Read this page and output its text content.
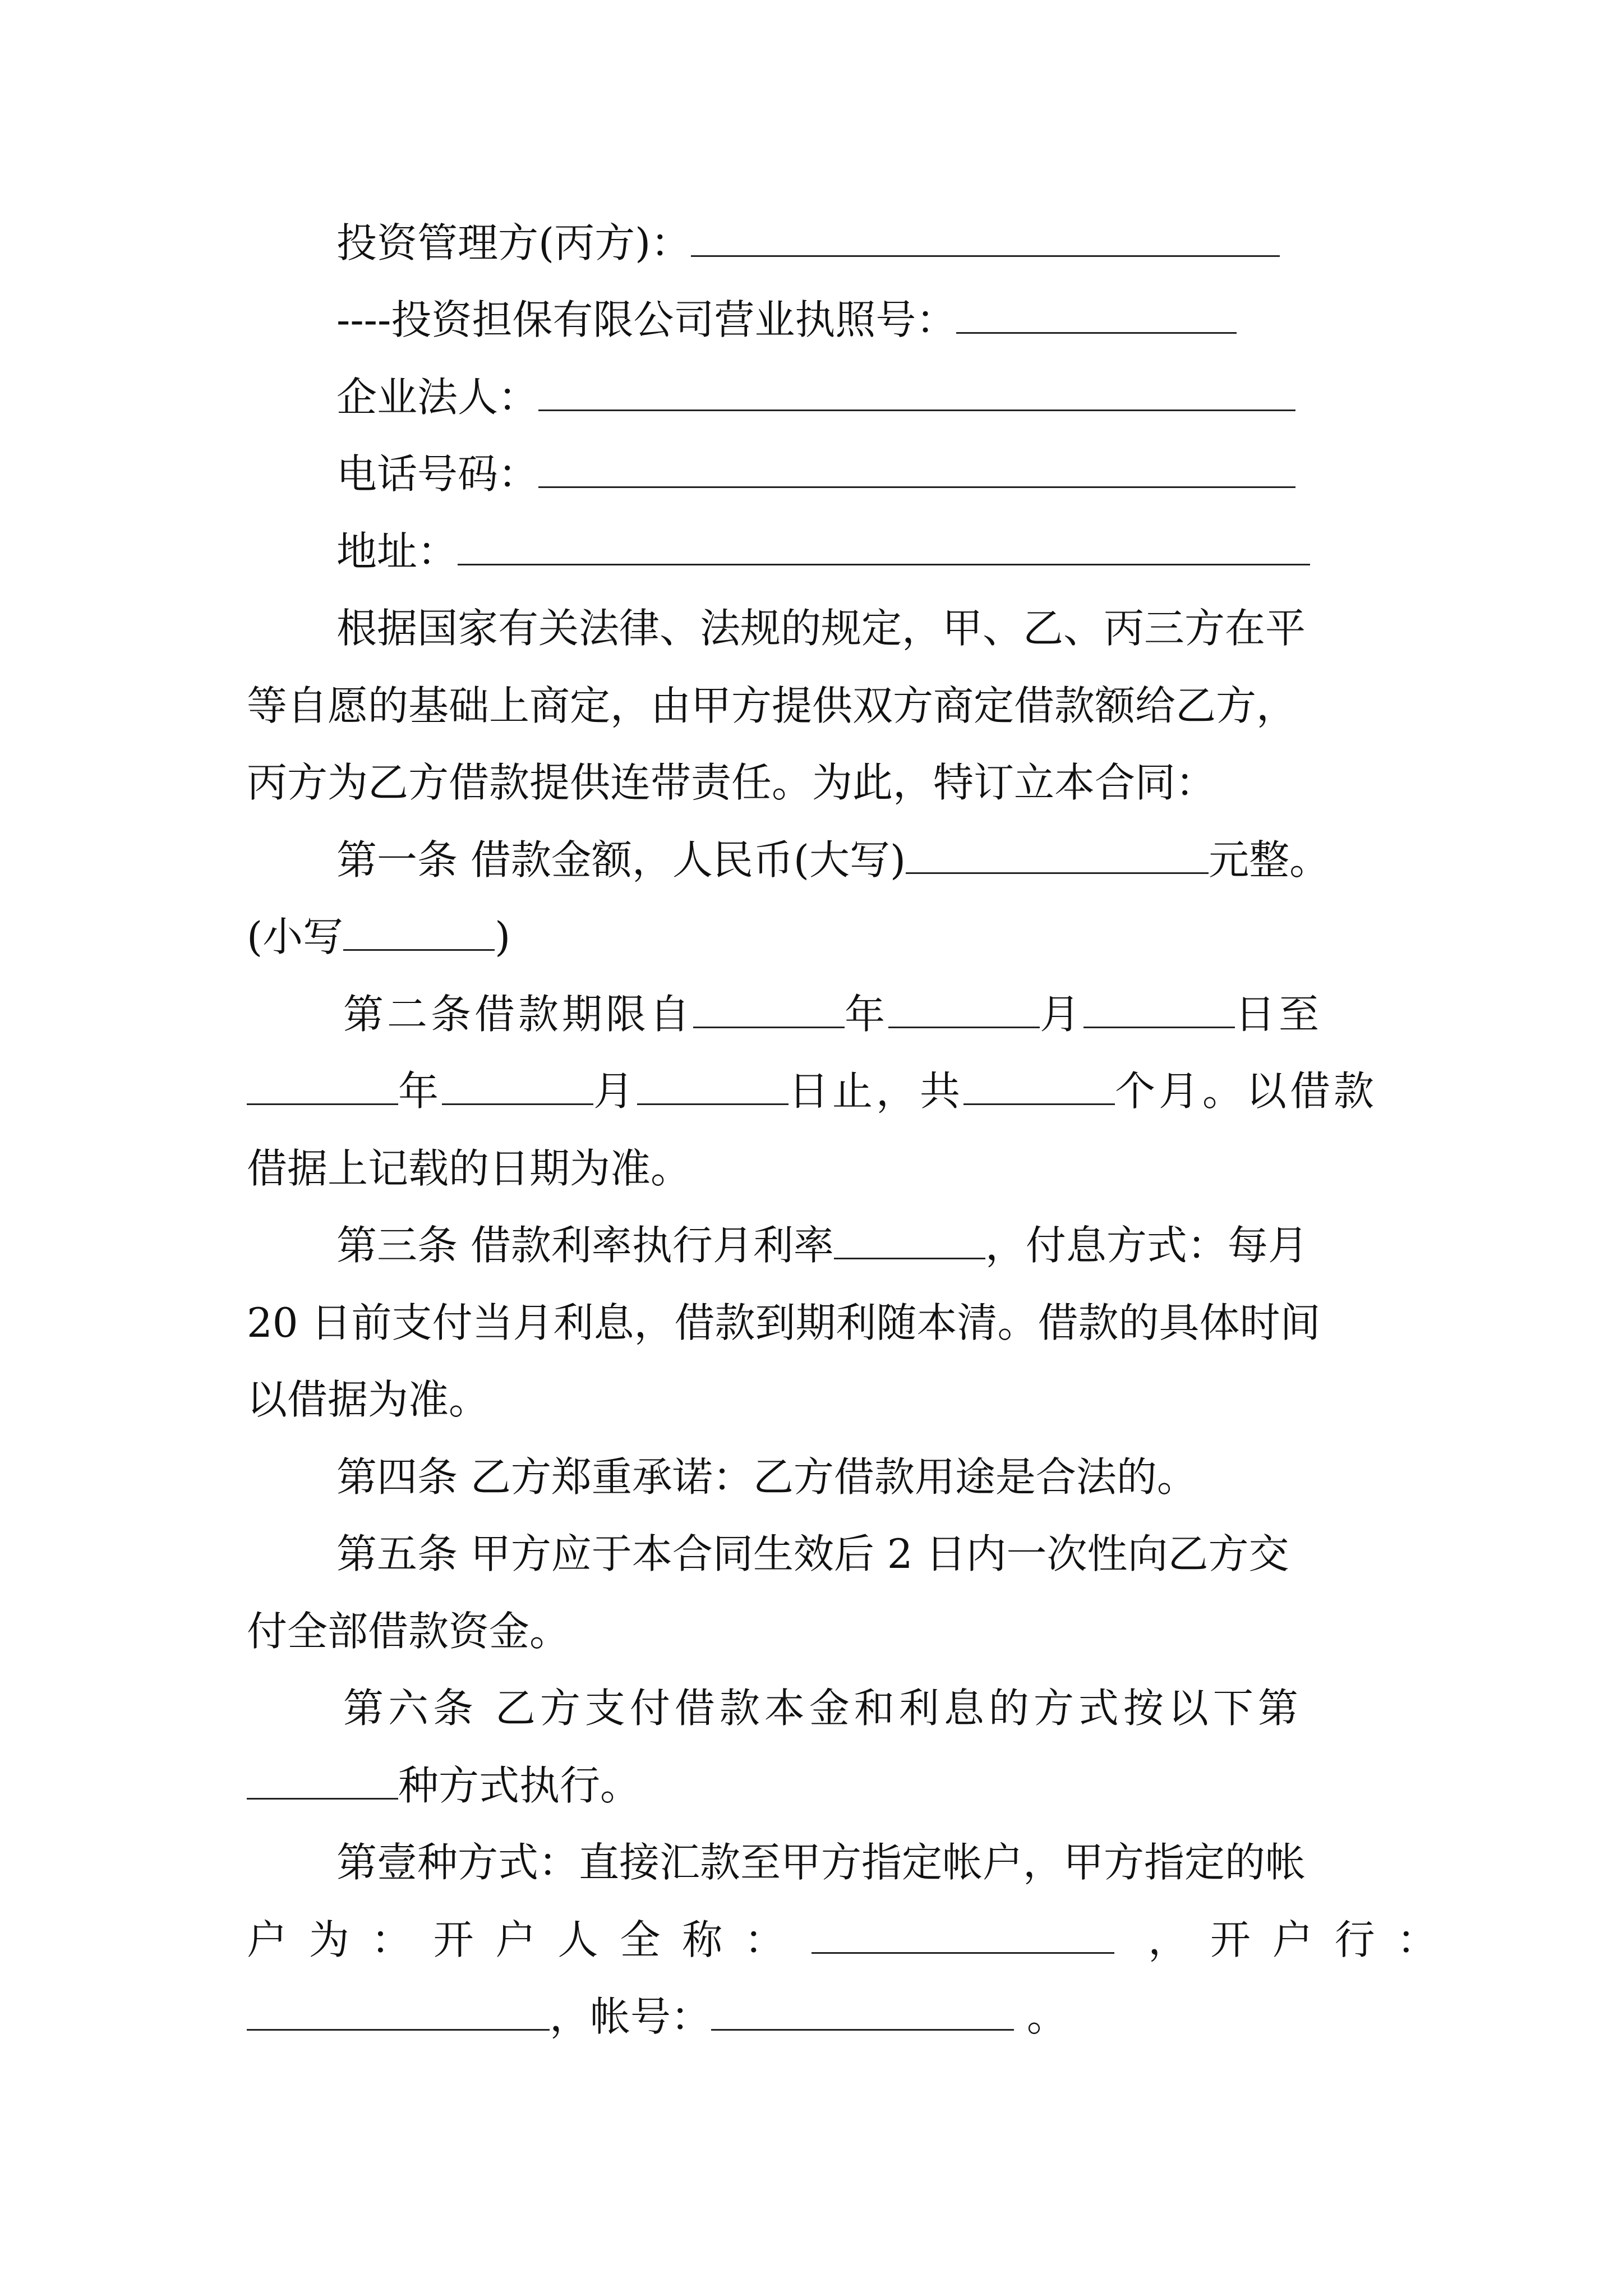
投资管理方(丙方)：
----投资担保有限公司营业执照号：
企业法人：
电话号码：
地址：
根据国家有关法律、法规的规定，甲、乙、丙三方在平
等自愿的基础上商定，由甲方提供双方商定借款额给乙方，
丙方为乙方借款提供连带责任。为此，特订立本合同：
第一条 借款金额，人民币(大写)	元整。
(小写	)
第二条借款期限自	年	月	日至
年	月	日止，共	个月。以借款
借据上记载的日期为准。
第三条 借款利率执行月利率	，付息方式：每月
20 日前支付当月利息，借款到期利随本清。借款的具体时间
以借据为准。
第四条 乙方郑重承诺：乙方借款用途是合法的。
第五条 甲方应于本合同生效后 2 日内一次性向乙方交
付全部借款资金。
第六条 乙方支付借款本金和利息的方式按以下第
种方式执行。
第壹种方式：直接汇款至甲方指定帐户，甲方指定的帐
户 为 ： 开 户 人 全 称 ：	， 开 户 行 ：
，帐号：	。
